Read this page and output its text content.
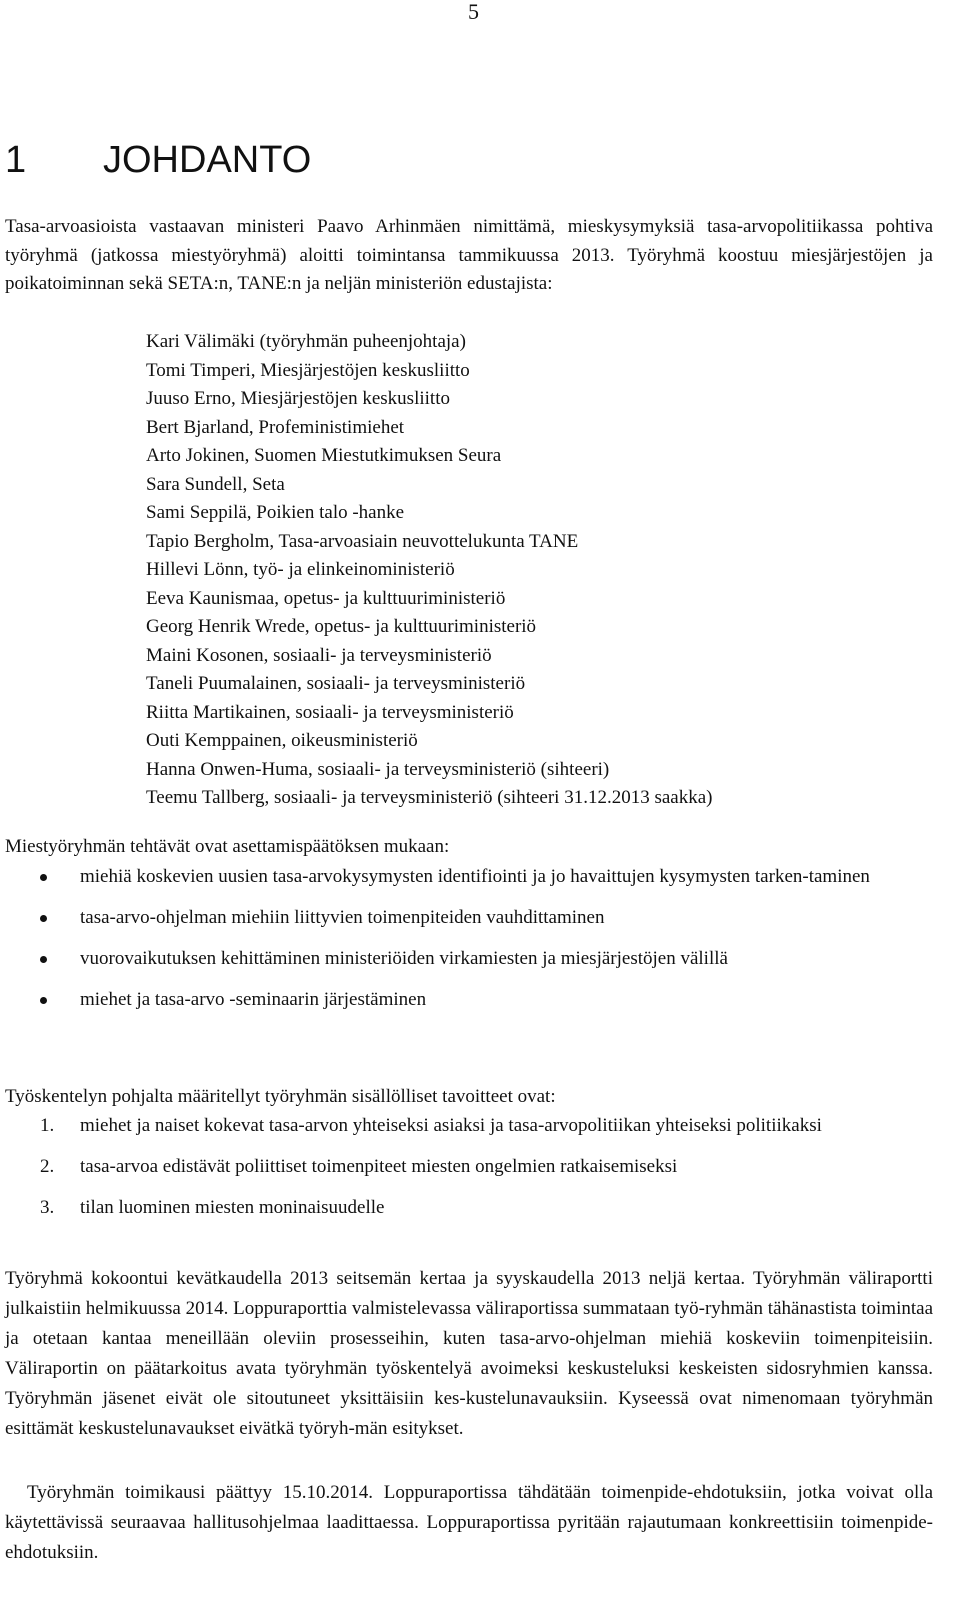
5
1 JOHDANTO

Tasa-arvoasioista vastaavan ministeri Paavo Arhinmäen nimittämä, mieskysymyksiä tasa-arvopolitiikassa pohtiva työryhmä (jatkossa miestyöryhmä) aloitti toimintansa tammikuussa 2013. Työryhmä koostuu miesjärjestöjen ja poikatoiminnan sekä SETA:n, TANE:n ja neljän ministeriön edustajista:

Kari Välimäki (työryhmän puheenjohtaja)
Tomi Timperi, Miesjärjestöjen keskusliitto
Juuso Erno, Miesjärjestöjen keskusliitto
Bert Bjarland, Profeministimiehet
Arto Jokinen, Suomen Miestutkimuksen Seura
Sara Sundell, Seta
Sami Seppilä, Poikien talo -hanke
Tapio Bergholm, Tasa-arvoasiain neuvottelukunta TANE
Hillevi Lönn, työ- ja elinkeinoministeriö
Eeva Kaunismaa, opetus- ja kulttuuriministeriö
Georg Henrik Wrede, opetus- ja kulttuuriministeriö
Maini Kosonen, sosiaali- ja terveysministeriö
Taneli Puumalainen, sosiaali- ja terveysministeriö
Riitta Martikainen, sosiaali- ja terveysministeriö
Outi Kemppainen, oikeusministeriö
Hanna Onwen-Huma, sosiaali- ja terveysministeriö (sihteeri)
Teemu Tallberg, sosiaali- ja terveysministeriö (sihteeri 31.12.2013 saakka)
Miestyöryhmän tehtävät ovat asettamispäätöksen mukaan:
miehiä koskevien uusien tasa-arvokysymysten identifiointi ja jo havaittujen kysymysten tarken-taminen
tasa-arvo-ohjelman miehiin liittyvien toimenpiteiden vauhdittaminen
vuorovaikutuksen kehittäminen ministeriöiden virkamiesten ja miesjärjestöjen välillä
miehet ja tasa-arvo -seminaarin järjestäminen
Työskentelyn pohjalta määritellyt työryhmän sisällölliset tavoitteet ovat:
1. miehet ja naiset kokevat tasa-arvon yhteiseksi asiaksi ja tasa-arvopolitiikan yhteiseksi politiikaksi
2. tasa-arvoa edistävät poliittiset toimenpiteet miesten ongelmien ratkaisemiseksi
3. tilan luominen miesten moninaisuudelle

Työryhmä kokoontui kevätkaudella 2013 seitsemän kertaa ja syyskaudella 2013 neljä kertaa. Työryhmän väliraportti julkaistiin helmikuussa 2014. Loppuraporttia valmistelevassa väliraportissa summataan työ-ryhmän tähänastista toimintaa ja otetaan kantaa meneillään oleviin prosesseihin, kuten tasa-arvo-ohjelman miehiä koskeviin toimenpiteisiin. Väliraportin on päätarkoitus avata työryhmän työskentelyä avoimeksi keskusteluksi keskeisten sidosryhmien kanssa. Työryhmän jäsenet eivät ole sitoutuneet yksittäisiin kes-kustelunavauksiin. Kyseessä ovat nimenomaan työryhmän esittämät keskustelunavaukset eivätkä työryh-män esitykset.

Työryhmän toimikausi päättyy 15.10.2014. Loppuraportissa tähdätään toimenpide-ehdotuksiin, jotka voivat olla käytettävissä seuraavaa hallitusohjelmaa laadittaessa. Loppuraportissa pyritään rajautumaan konkreettisiin toimenpide-ehdotuksiin.
